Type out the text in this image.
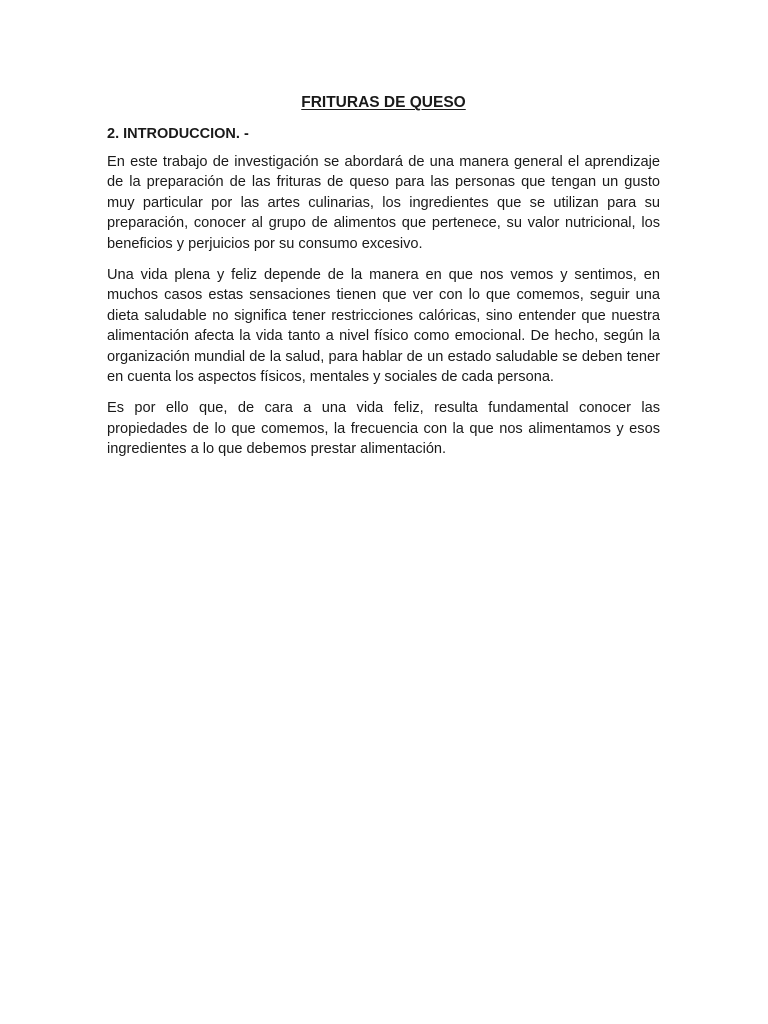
FRITURAS DE QUESO
2. INTRODUCCION. -

En este trabajo de investigación se abordará de una manera general el aprendizaje de la preparación de las frituras de queso para las personas que tengan un gusto muy particular por las artes culinarias, los ingredientes que se utilizan para su preparación, conocer al grupo de alimentos que pertenece, su valor nutricional, los beneficios y perjuicios por su consumo excesivo.

Una vida plena y feliz depende de la manera en que nos vemos y sentimos, en muchos casos estas sensaciones tienen que ver con lo que comemos, seguir una dieta saludable no significa tener restricciones calóricas, sino entender que nuestra alimentación afecta la vida tanto a nivel físico como emocional. De hecho, según la organización mundial de la salud, para hablar de un estado saludable se deben tener en cuenta los aspectos físicos, mentales y sociales de cada persona.

Es por ello que, de cara a una vida feliz, resulta fundamental conocer las propiedades de lo que comemos, la frecuencia con la que nos alimentamos y esos ingredientes a lo que debemos prestar alimentación.
